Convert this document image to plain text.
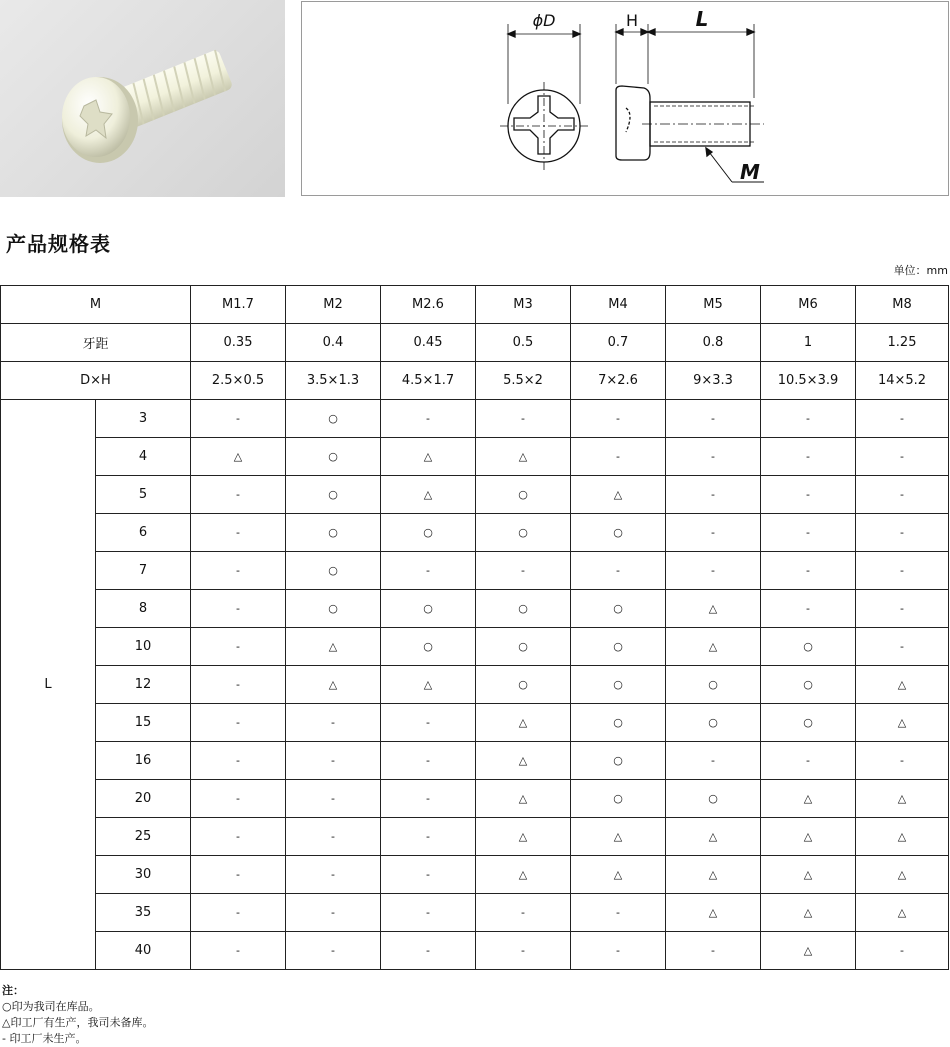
ϕD	H	L
M
产品规格表
单位：mm
M		M1.7	M2	M2.6	M3	M4	M5	M6	M8
牙距		0.35	0.4	0.45	0.5	0.7	0.8	1	1.25
D×H		2.5×0.5	3.5×1.3	4.5×1.7	5.5×2	7×2.6	9×3.3	10.5×3.9	14×5.2
L	3	-	○	-	-	-	-	-	-
	4	△	○	△	△	-	-	-	-
	5	-	○	△	○	△	-	-	-
	6	-	○	○	○	○	-	-	-
	7	-	○	-	-	-	-	-	-
	8	-	○	○	○	○	△	-	-
	10	-	△	○	○	○	△	○	-
	12	-	△	△	○	○	○	○	△
	15	-	-	-	△	○	○	○	△
	16	-	-	-	△	○	-	-	-
	20	-	-	-	△	○	○	△	△
	25	-	-	-	△	△	△	△	△
	30	-	-	-	△	△	△	△	△
	35	-	-	-	-	-	△	△	△
	40	-	-	-	-	-	-	△	-
注：
○印为我司在库品。
△印工厂有生产，我司未备库。
- 印工厂未生产。
